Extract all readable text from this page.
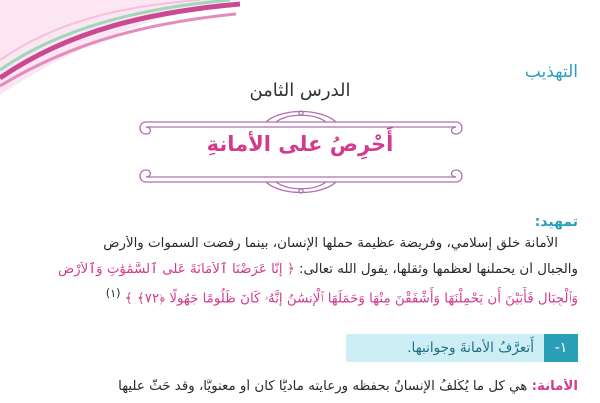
التهذيب
الدرس الثامن
أَحْرِصُ على الأمانةِ
تمهيد:
الأمانة خلق إسلامي، وفريضة عظيمة حملها الإنسان، بينما رفضت السموات والأرض
والجبال أن يحملنها لعظمها وثقلها، يقول الله تعالى: ﴿ إِنَّا عَرَضْنَا ٱلْأَمَانَةَ عَلَى ٱلسَّمَٰوَٰتِ وَٱلْأَرْضِ
وَٱلْجِبَالِ فَأَبَيْنَ أَن يَحْمِلْنَهَا وَأَشْفَقْنَ مِنْهَا وَحَمَلَهَا ٱلْإِنسَٰنُ إِنَّهُۥ كَانَ ظَلُومًا جَهُولًا ﴿٧٢﴾ ﴾ $^{(١)}$
١-
أَتعرَّفُ الأمانةَ وجوانبها.
الأمانة: هي كل ما يُكَلَّفُ الإنسانُ بحفظه ورعايته ماديًّا كان أو معنويًّا، وقد حَثَّ عليها
